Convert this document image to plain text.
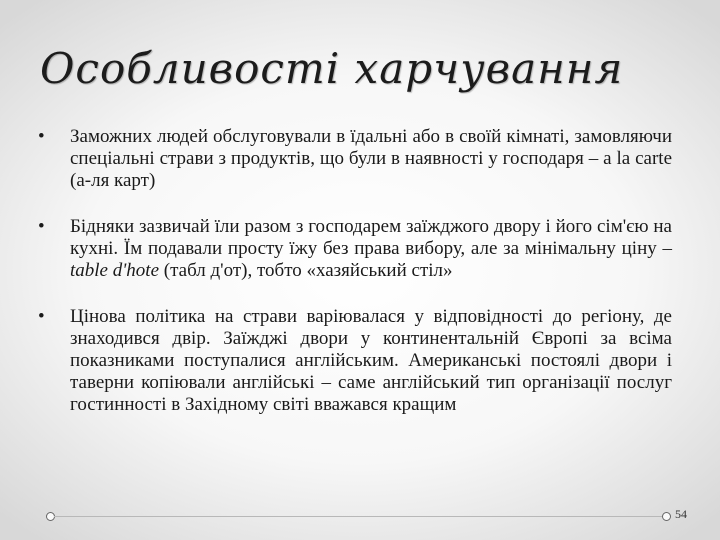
Особливості харчування
•	Заможних людей обслуговували в їдальні або в своїй кімнаті, замовляючи спеціальні страви з продуктів, що були в наявності у господаря – а la carte (а-ля карт)
•	Бідняки зазвичай їли разом з господарем заїжджого двору і його сім'єю на кухні. Їм подавали просту їжу без права вибору, але за мінімальну ціну – table d'hote (табл д'от), тобто «хазяйський стіл»
•	Цінова політика на страви варіювалася у відповідності до регіону, де знаходився двір. Заїжджі двори у континентальній Європі за всіма показниками поступалися англійським. Американські постоялі двори і таверни копіювали англійські – саме англійський тип організації послуг гостинності в Західному світі вважався кращим
54
